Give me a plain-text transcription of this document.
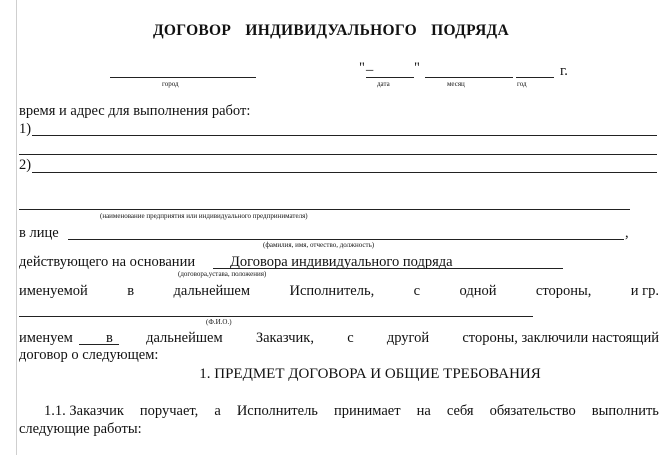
ДОГОВОР ИНДИВИДУАЛЬНОГО ПОДРЯДА
город
" –	"
дата	месяц	год
г.
время и адрес для выполнения работ:
1)
2)
(наименование предприятия или индивидуального предпринимателя)
в лице	,
(фамилия, имя, отчество, должность)
действующего на основании Договора индивидуального подряда
(договора,устава, положения)
именуемой	в	дальнейшем	Исполнитель,	с	одной	стороны,	и гр.
(Ф.И.О.)
именуем в дальнейшем Заказчик, с другой стороны, заключили настоящий
договор о следующем:
1. ПРЕДМЕТ ДОГОВОРА И ОБЩИЕ ТРЕБОВАНИЯ
1.1. Заказчик поручает, а Исполнитель принимает на себя обязательство выполнить
следующие работы:
